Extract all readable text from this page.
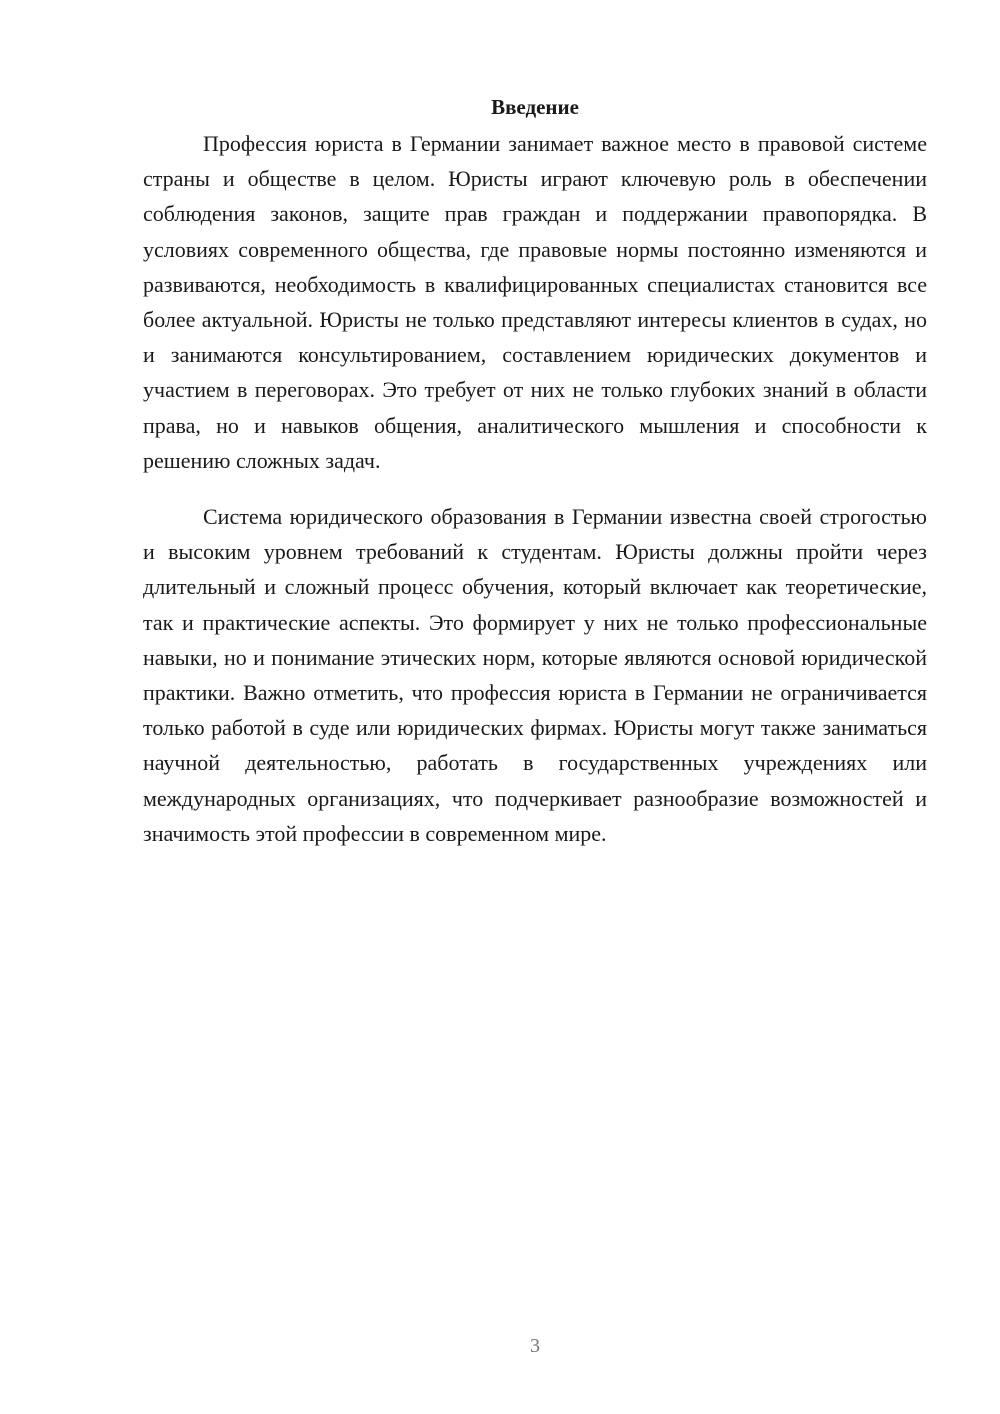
Введение

Профессия юриста в Германии занимает важное место в правовой системе страны и обществе в целом. Юристы играют ключевую роль в обеспечении соблюдения законов, защите прав граждан и поддержании правопорядка. В условиях современного общества, где правовые нормы постоянно изменяются и развиваются, необходимость в квалифицированных специалистах становится все более актуальной. Юристы не только представляют интересы клиентов в судах, но и занимаются консультированием, составлением юридических документов и участием в переговорах. Это требует от них не только глубоких знаний в области права, но и навыков общения, аналитического мышления и способности к решению сложных задач.

Система юридического образования в Германии известна своей строгостью и высоким уровнем требований к студентам. Юристы должны пройти через длительный и сложный процесс обучения, который включает как теоретические, так и практические аспекты. Это формирует у них не только профессиональные навыки, но и понимание этических норм, которые являются основой юридической практики. Важно отметить, что профессия юриста в Германии не ограничивается только работой в суде или юридических фирмах. Юристы могут также заниматься научной деятельностью, работать в государственных учреждениях или международных организациях, что подчеркивает разнообразие возможностей и значимость этой профессии в современном мире.

3
